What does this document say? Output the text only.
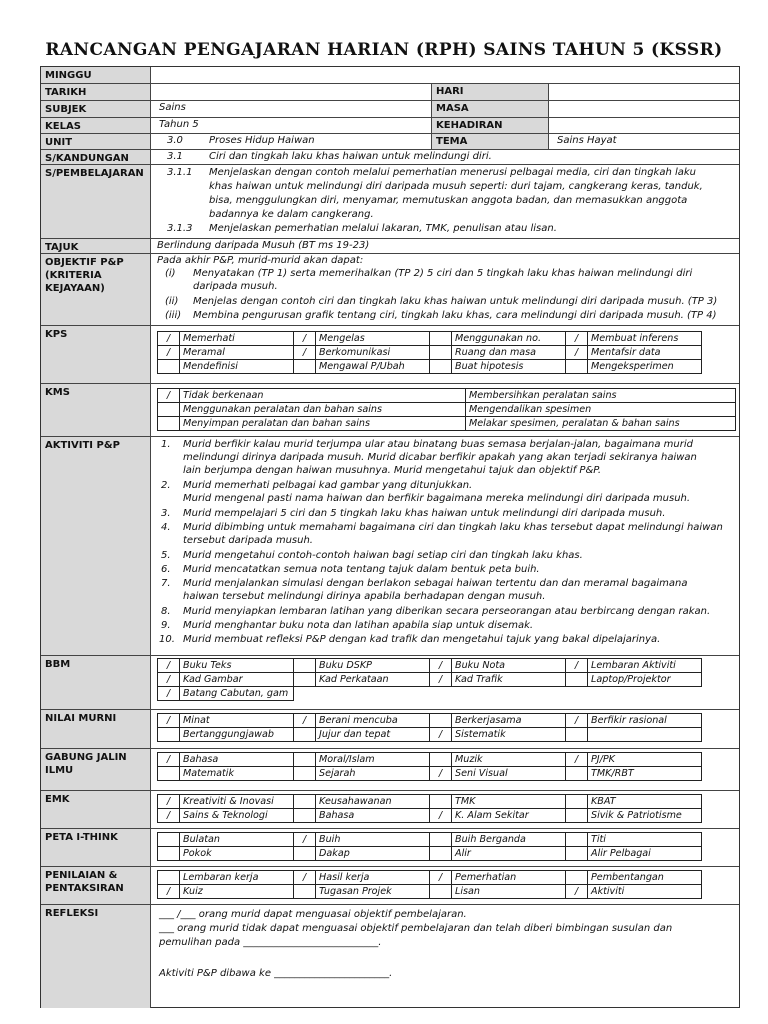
RANCANGAN PENGAJARAN HARIAN (RPH) SAINS TAHUN 5 (KSSR)
MINGGU
TARIKH	HARI
SUBJEK	Sains	MASA
KELAS	Tahun 5	KEHADIRAN
UNIT	3.0	Proses Hidup Haiwan	TEMA	Sains Hayat
S/KANDUNGAN	3.1	Ciri dan tingkah laku khas haiwan untuk melindungi diri.
S/PEMBELAJARAN	3.1.1 Menjelaskan dengan contoh melalui pemerhatian menerusi pelbagai media, ciri dan tingkah laku
khas haiwan untuk melindungi diri daripada musuh seperti: duri tajam, cangkerang keras, tanduk,
bisa, menggulungkan diri, menyamar, memutuskan anggota badan, dan memasukkan anggota
badannya ke dalam cangkerang.
3.1.3 Menjelaskan pemerhatian melalui lakaran, TMK, penulisan atau lisan.
TAJUK	Berlindung daripada Musuh (BT ms 19-23)
OBJEKTIF P&P
(KRITERIA
KEJAYAAN)
Pada akhir P&P, murid-murid akan dapat:
(i) Menyatakan (TP 1) serta memerihalkan (TP 2) 5 ciri dan 5 tingkah laku khas haiwan melindungi diri
daripada musuh.
(ii) Menjelas dengan contoh ciri dan tingkah laku khas haiwan untuk melindungi diri daripada musuh. (TP 3)
(iii) Membina pengurusan grafik tentang ciri, tingkah laku khas, cara melindungi diri daripada musuh. (TP 4)
KPS	/	Memerhati	/	Mengelas		Menggunakan no.	/	Membuat inferens
/	Meramal	/	Berkomunikasi		Ruang dan masa	/	Mentafsir data
	Mendefinisi		Mengawal P/Ubah		Buat hipotesis		Mengeksperimen
KMS	/	Tidak berkenaan	Membersihkan peralatan sains
	Menggunakan peralatan dan bahan sains	Mengendalikan spesimen
	Menyimpan peralatan dan bahan sains	Melakar spesimen, peralatan & bahan sains
AKTIVITI P&P	1. Murid berfikir kalau murid terjumpa ular atau binatang buas semasa berjalan-jalan, bagaimana murid
melindungi dirinya daripada musuh. Murid dicabar berfikir apakah yang akan terjadi sekiranya haiwan
lain berjumpa dengan haiwan musuhnya. Murid mengetahui tajuk dan objektif P&P.
2. Murid memerhati pelbagai kad gambar yang ditunjukkan.
Murid mengenal pasti nama haiwan dan berfikir bagaimana mereka melindungi diri daripada musuh.
3. Murid mempelajari 5 ciri dan 5 tingkah laku khas haiwan untuk melindungi diri daripada musuh.
4. Murid dibimbing untuk memahami bagaimana ciri dan tingkah laku khas tersebut dapat melindungi haiwan
tersebut daripada musuh.
5. Murid mengetahui contoh-contoh haiwan bagi setiap ciri dan tingkah laku khas.
6. Murid mencatatkan semua nota tentang tajuk dalam bentuk peta buih.
7. Murid menjalankan simulasi dengan berlakon sebagai haiwan tertentu dan dan meramal bagaimana
haiwan tersebut melindungi dirinya apabila berhadapan dengan musuh.
8. Murid menyiapkan lembaran latihan yang diberikan secara perseorangan atau berbircang dengan rakan.
9. Murid menghantar buku nota dan latihan apabila siap untuk disemak.
10. Murid membuat refleksi P&P dengan kad trafik dan mengetahui tajuk yang bakal dipelajarinya.
BBM	/	Buku Teks		Buku DSKP	/	Buku Nota	/	Lembaran Aktiviti
/	Kad Gambar		Kad Perkataan	/	Kad Trafik		Laptop/Projektor
/	Batang Cabutan, gam						
NILAI MURNI	/	Minat	/	Berani mencuba		Berkerjasama	/	Berfikir rasional
	Bertanggungjawab		Jujur dan tepat	/	Sistematik		
GABUNG JALIN
ILMU
/	Bahasa		Moral/Islam		Muzik	/	PJ/PK
	Matematik		Sejarah	/	Seni Visual		TMK/RBT
EMK	/	Kreativiti & Inovasi		Keusahawanan		TMK		KBAT
/	Sains & Teknologi		Bahasa	/	K. Alam Sekitar		Sivik & Patriotisme
PETA I-THINK
		Bulatan	/	Buih		Buih Berganda		Titi
	Pokok		Dakap		Alir		Alir Pelbagai
PENILAIAN &
PENTAKSIRAN
	Lembaran kerja	/	Hasil kerja	/	Pemerhatian		Pembentangan
/	Kuiz		Tugasan Projek		Lisan	/	Aktiviti
REFLEKSI	___ /___ orang murid dapat menguasai objektif pembelajaran.
___ orang murid tidak dapat menguasai objektif pembelajaran dan telah diberi bimbingan susulan dan
pemulihan pada ___________________________.
Aktiviti P&P dibawa ke _______________________.
